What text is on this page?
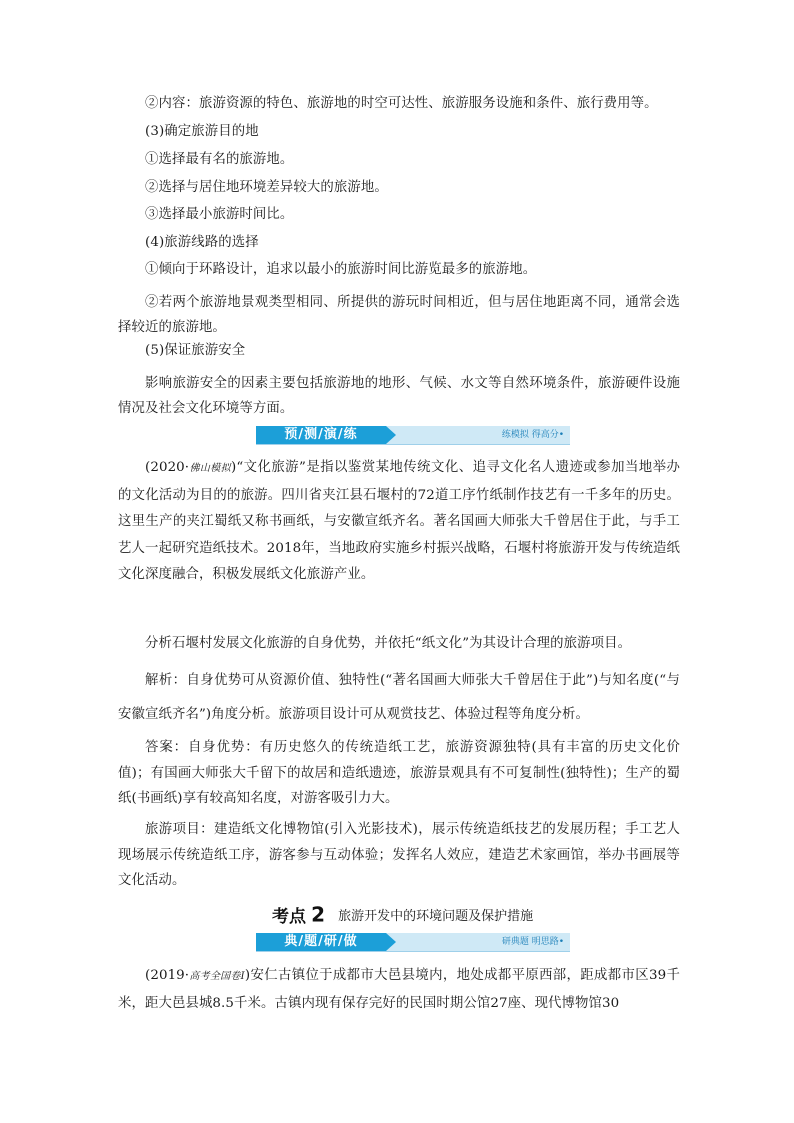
②内容：旅游资源的特色、旅游地的时空可达性、旅游服务设施和条件、旅行费用等。
(3)确定旅游目的地
①选择最有名的旅游地。
②选择与居住地环境差异较大的旅游地。
③选择最小旅游时间比。
(4)旅游线路的选择
①倾向于环路设计，追求以最小的旅游时间比游览最多的旅游地。
②若两个旅游地景观类型相同、所提供的游玩时间相近，但与居住地距离不同，通常会选择较近的旅游地。
(5)保证旅游安全
影响旅游安全的因素主要包括旅游地的地形、气候、水文等自然环境条件，旅游硬件设施情况及社会文化环境等方面。
预/测/演/练	练模拟 得高分•
(2020·佛山模拟)“文化旅游”是指以鉴赏某地传统文化、追寻文化名人遗迹或参加当地举办的文化活动为目的的旅游。四川省夹江县石堰村的72道工序竹纸制作技艺有一千多年的历史。这里生产的夹江蜀纸又称书画纸，与安徽宣纸齐名。著名国画大师张大千曾居住于此，与手工艺人一起研究造纸技术。2018年，当地政府实施乡村振兴战略，石堰村将旅游开发与传统造纸文化深度融合，积极发展纸文化旅游产业。
分析石堰村发展文化旅游的自身优势，并依托“纸文化”为其设计合理的旅游项目。
解析：自身优势可从资源价值、独特性(“著名国画大师张大千曾居住于此”)与知名度(“与安徽宣纸齐名”)角度分析。旅游项目设计可从观赏技艺、体验过程等角度分析。
答案：自身优势：有历史悠久的传统造纸工艺，旅游资源独特(具有丰富的历史文化价值)；有国画大师张大千留下的故居和造纸遗迹，旅游景观具有不可复制性(独特性)；生产的蜀纸(书画纸)享有较高知名度，对游客吸引力大。
旅游项目：建造纸文化博物馆(引入光影技术)，展示传统造纸技艺的发展历程；手工艺人现场展示传统造纸工序，游客参与互动体验；发挥名人效应，建造艺术家画馆，举办书画展等文化活动。
考点 2 旅游开发中的环境问题及保护措施
典/题/研/做	研典题 明思路•
(2019·高考全国卷Ⅰ)安仁古镇位于成都市大邑县境内，地处成都平原西部，距成都市区39千米，距大邑县城8.5千米。古镇内现有保存完好的民国时期公馆27座、现代博物馆30
